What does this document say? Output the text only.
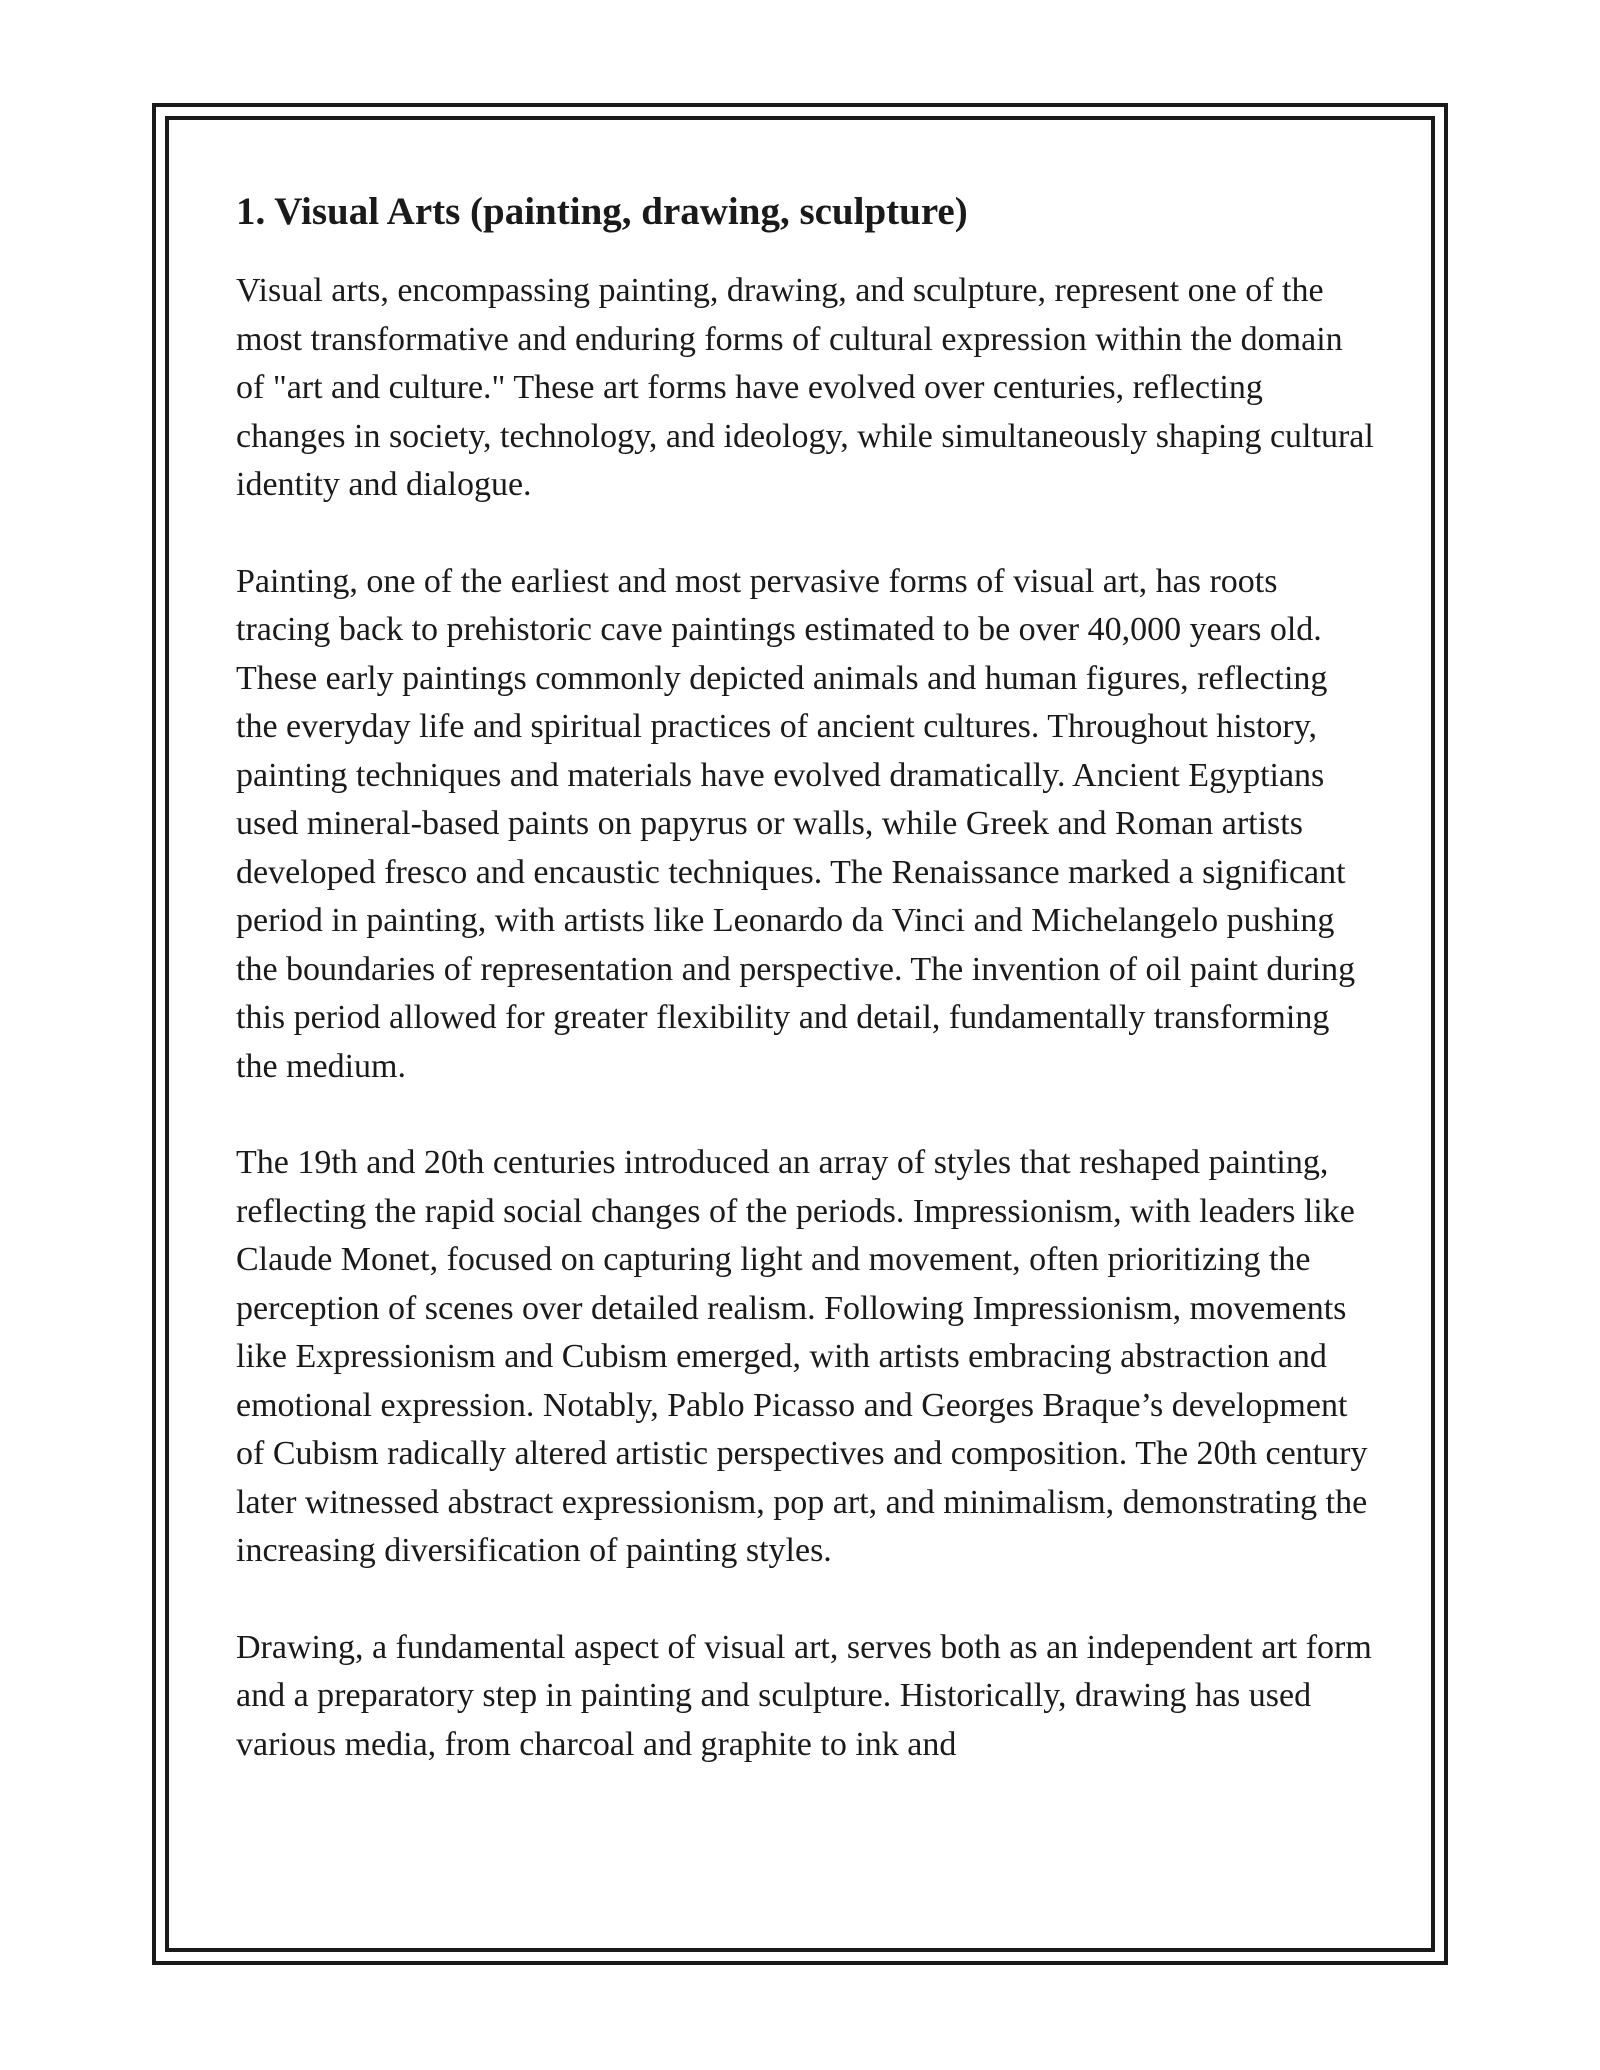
1. Visual Arts (painting, drawing, sculpture)

Visual arts, encompassing painting, drawing, and sculpture, represent one of the most transformative and enduring forms of cultural expression within the domain of "art and culture." These art forms have evolved over centuries, reflecting changes in society, technology, and ideology, while simultaneously shaping cultural identity and dialogue.

Painting, one of the earliest and most pervasive forms of visual art, has roots tracing back to prehistoric cave paintings estimated to be over 40,000 years old. These early paintings commonly depicted animals and human figures, reflecting the everyday life and spiritual practices of ancient cultures. Throughout history, painting techniques and materials have evolved dramatically. Ancient Egyptians used mineral-based paints on papyrus or walls, while Greek and Roman artists developed fresco and encaustic techniques. The Renaissance marked a significant period in painting, with artists like Leonardo da Vinci and Michelangelo pushing the boundaries of representation and perspective. The invention of oil paint during this period allowed for greater flexibility and detail, fundamentally transforming the medium.

The 19th and 20th centuries introduced an array of styles that reshaped painting, reflecting the rapid social changes of the periods. Impressionism, with leaders like Claude Monet, focused on capturing light and movement, often prioritizing the perception of scenes over detailed realism. Following Impressionism, movements like Expressionism and Cubism emerged, with artists embracing abstraction and emotional expression. Notably, Pablo Picasso and Georges Braque’s development of Cubism radically altered artistic perspectives and composition. The 20th century later witnessed abstract expressionism, pop art, and minimalism, demonstrating the increasing diversification of painting styles.

Drawing, a fundamental aspect of visual art, serves both as an independent art form and a preparatory step in painting and sculpture. Historically, drawing has used various media, from charcoal and graphite to ink and
